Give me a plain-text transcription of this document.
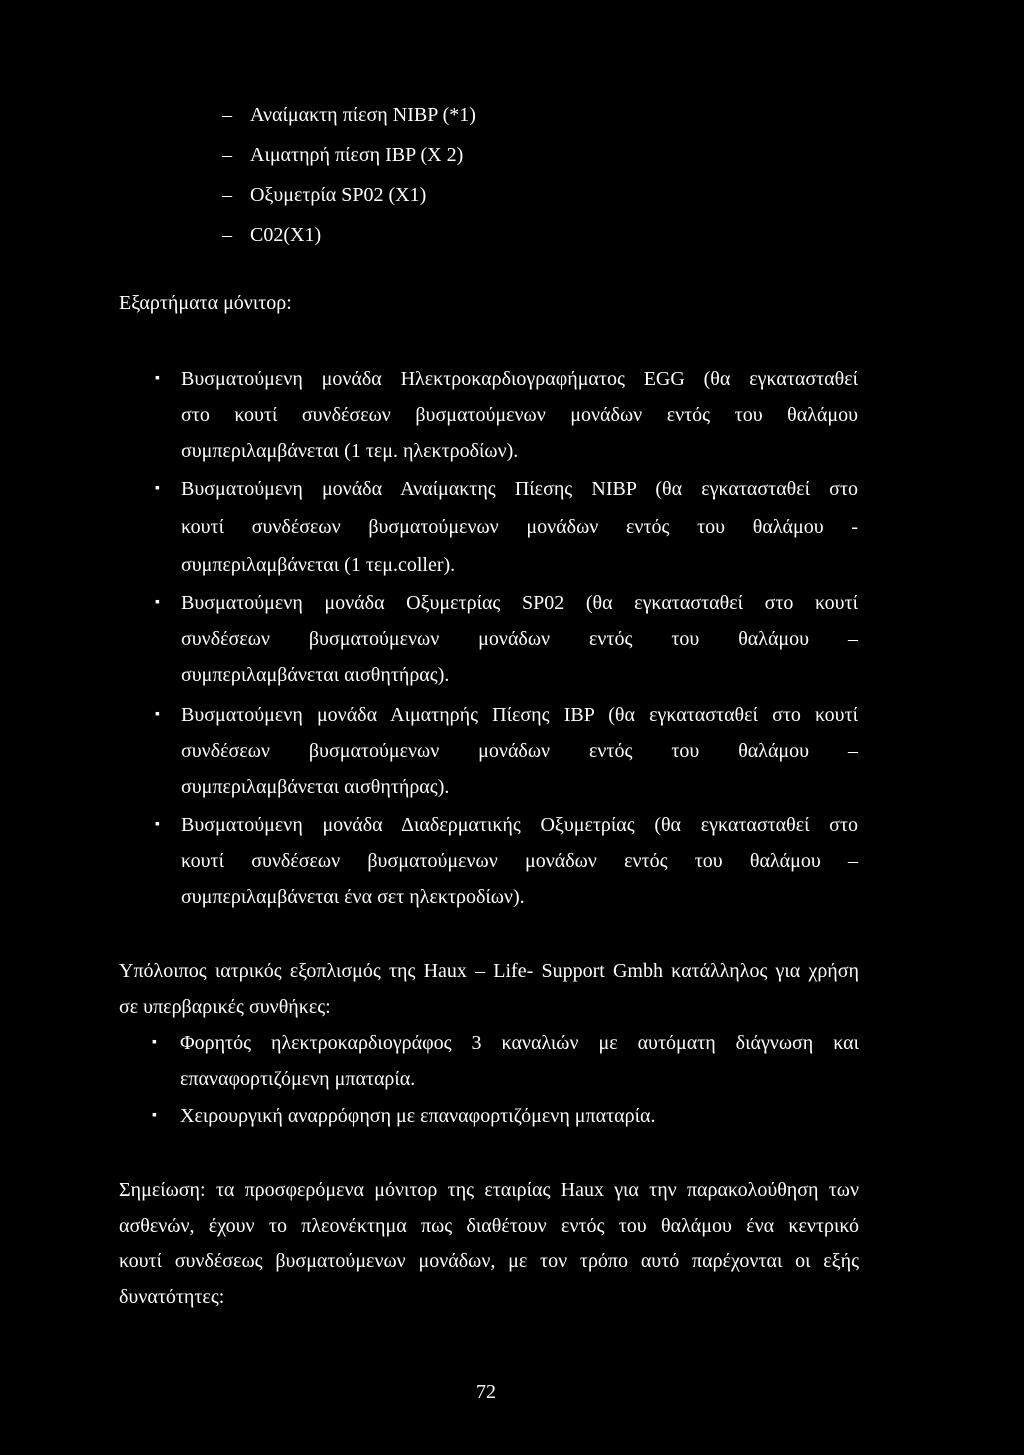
– Αναίμακτη πίεση NIBP (*1)
– Αιματηρή πίεση IBP (X 2)
– Οξυμετρία SP02 (X1)
– C02(X1)
Εξαρτήματα μόνιτορ:
▪ Βυσματούμενη μονάδα Ηλεκτροκαρδιογραφήματος EGG (θα εγκατασταθεί
στο κουτί συνδέσεων βυσματούμενων μονάδων εντός του θαλάμου
συμπεριλαμβάνεται (1 τεμ. ηλεκτροδίων).
▪ Βυσματούμενη μονάδα Αναίμακτης Πίεσης NIBP (θα εγκατασταθεί στο
κουτί συνδέσεων βυσματούμενων μονάδων εντός του θαλάμου -
συμπεριλαμβάνεται (1 τεμ.coller).
▪ Βυσματούμενη μονάδα Οξυμετρίας SP02 (θα εγκατασταθεί στο κουτί
συνδέσεων βυσματούμενων μονάδων εντός του θαλάμου –
συμπεριλαμβάνεται αισθητήρας).
▪ Βυσματούμενη μονάδα Αιματηρής Πίεσης IBP (θα εγκατασταθεί στο κουτί
συνδέσεων βυσματούμενων μονάδων εντός του θαλάμου –
συμπεριλαμβάνεται αισθητήρας).
▪ Βυσματούμενη μονάδα Διαδερματικής Οξυμετρίας (θα εγκατασταθεί στο
κουτί συνδέσεων βυσματούμενων μονάδων εντός του θαλάμου –
συμπεριλαμβάνεται ένα σετ ηλεκτροδίων).
Υπόλοιπος ιατρικός εξοπλισμός της Haux – Life- Support Gmbh κατάλληλος για χρήση
σε υπερβαρικές συνθήκες:
▪ Φορητός ηλεκτροκαρδιογράφος 3 καναλιών με αυτόματη διάγνωση και
επαναφορτιζόμενη μπαταρία.
▪ Χειρουργική αναρρόφηση με επαναφορτιζόμενη μπαταρία.
Σημείωση: τα προσφερόμενα μόνιτορ της εταιρίας Haux για την παρακολούθηση των
ασθενών, έχουν το πλεονέκτημα πως διαθέτουν εντός του θαλάμου ένα κεντρικό
κουτί συνδέσεως βυσματούμενων μονάδων, με τον τρόπο αυτό παρέχονται οι εξής
δυνατότητες:
72
